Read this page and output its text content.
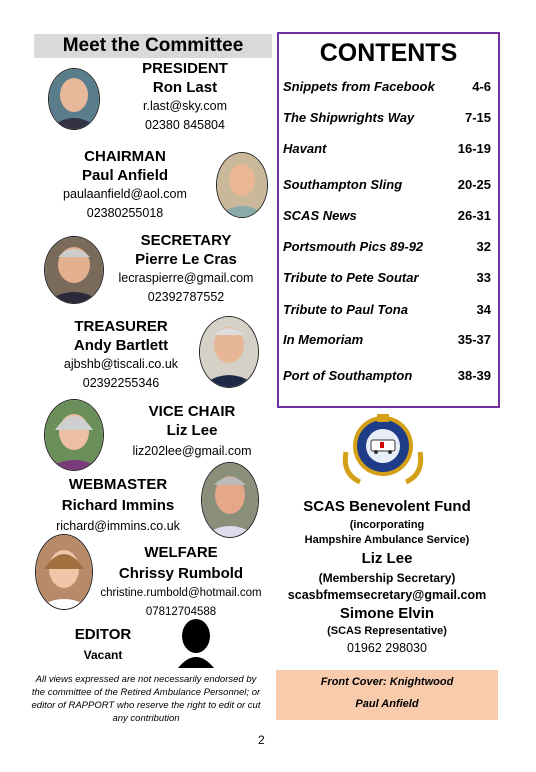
Meet the Committee
PRESIDENT
Ron Last
r.last@sky.com
02380 845804
CHAIRMAN
Paul Anfield
paulaanfield@aol.com
02380255018
SECRETARY
Pierre Le Cras
lecraspierre@gmail.com
02392787552
TREASURER
Andy Bartlett
ajbshb@tiscali.co.uk
02392255346
VICE CHAIR
Liz Lee
liz202lee@gmail.com
WEBMASTER
Richard Immins
richard@immins.co.uk
WELFARE
Chrissy Rumbold
christine.rumbold@hotmail.com
07812704588
EDITOR
Vacant
All views expressed are not necessarily endorsed by the committee of the Retired Ambulance Personnel; or editor of RAPPORT who reserve the right to edit or cut any contribution
2
CONTENTS
Snippets from Facebook	4-6
The Shipwrights Way	7-15
Havant	16-19
Southampton Sling	20-25
SCAS News	26-31
Portsmouth Pics 89-92	32
Tribute to Pete Soutar	33
Tribute to Paul Tona	34
In Memoriam	35-37
Port of Southampton	38-39
SCAS Benevolent Fund
(incorporating
Hampshire Ambulance Service)
Liz Lee
(Membership Secretary)
scasbfmemsecretary@gmail.com
Simone Elvin
(SCAS Representative)
01962 298030
Front Cover: Knightwood
Paul Anfield
